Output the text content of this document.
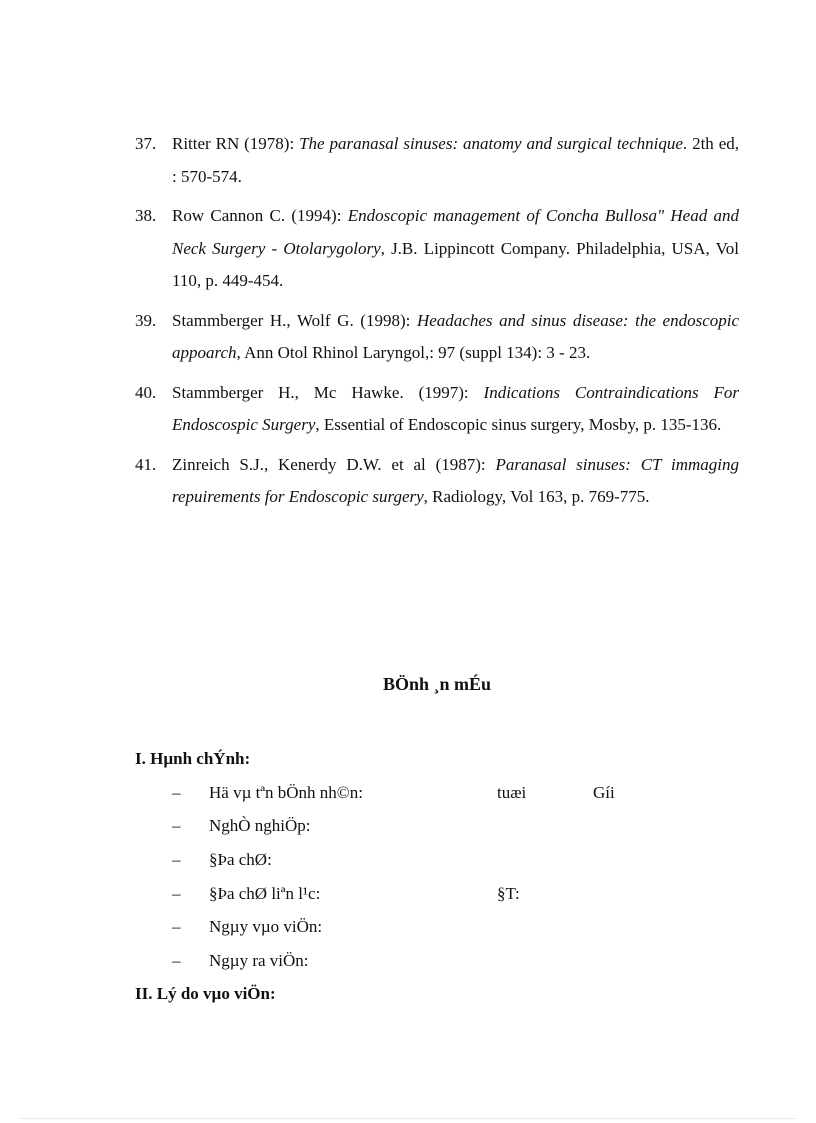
37. Ritter RN (1978): The paranasal sinuses: anatomy and surgical technique. 2th ed, : 570-574.
38. Row Cannon C. (1994): Endoscopic management of Concha Bullosa" Head and Neck Surgery - Otolarygolory, J.B. Lippincott Company. Philadelphia, USA, Vol 110, p. 449-454.
39. Stammberger H., Wolf G. (1998): Headaches and sinus disease: the endoscopic appoarch, Ann Otol Rhinol Laryngol,: 97 (suppl 134): 3 - 23.
40. Stammberger H., Mc Hawke. (1997): Indications Contraindications For Endoscospic Surgery, Essential of Endoscopic sinus surgery, Mosby, p. 135-136.
41. Zinreich S.J., Kenerdy D.W. et al (1987): Paranasal sinuses: CT immaging repuirements for Endoscopic surgery, Radiology, Vol 163, p. 769-775.
BÖnh ¸n mÉu
I. Hµnh chÝnh:
– Hä vµ tªn bÖnh nh©n:	tuæi	Gíi
– NghÒ nghiÖp:
– §Þa chØ:
– §Þa chØ liªn l¹c:	§T:
– Ngµy vµo viÖn:
– Ngµy ra viÖn:
II. Lý do vµo viÖn:
